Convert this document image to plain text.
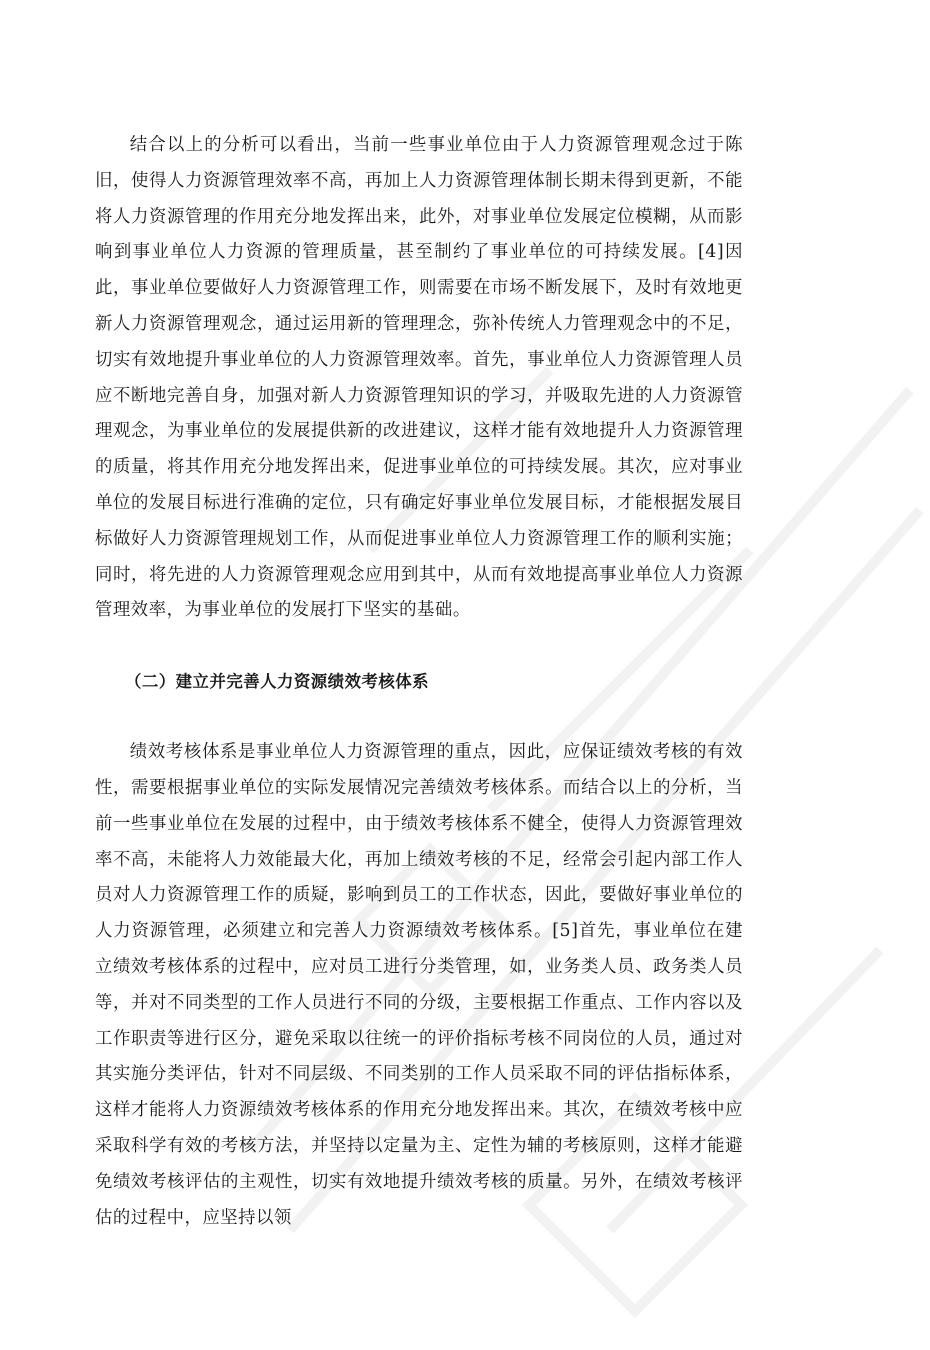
结合以上的分析可以看出，当前一些事业单位由于人力资源管理观念过于陈旧，使得人力资源管理效率不高，再加上人力资源管理体制长期未得到更新，不能将人力资源管理的作用充分地发挥出来，此外，对事业单位发展定位模糊，从而影响到事业单位人力资源的管理质量，甚至制约了事业单位的可持续发展。[4]因此，事业单位要做好人力资源管理工作，则需要在市场不断发展下，及时有效地更新人力资源管理观念，通过运用新的管理理念，弥补传统人力管理观念中的不足，切实有效地提升事业单位的人力资源管理效率。首先，事业单位人力资源管理人员应不断地完善自身，加强对新人力资源管理知识的学习，并吸取先进的人力资源管理观念，为事业单位的发展提供新的改进建议，这样才能有效地提升人力资源管理的质量，将其作用充分地发挥出来，促进事业单位的可持续发展。其次，应对事业单位的发展目标进行准确的定位，只有确定好事业单位发展目标，才能根据发展目标做好人力资源管理规划工作，从而促进事业单位人力资源管理工作的顺利实施；同时，将先进的人力资源管理观念应用到其中，从而有效地提高事业单位人力资源管理效率，为事业单位的发展打下坚实的基础。

（二）建立并完善人力资源绩效考核体系

绩效考核体系是事业单位人力资源管理的重点，因此，应保证绩效考核的有效性，需要根据事业单位的实际发展情况完善绩效考核体系。而结合以上的分析，当前一些事业单位在发展的过程中，由于绩效考核体系不健全，使得人力资源管理效率不高，未能将人力效能最大化，再加上绩效考核的不足，经常会引起内部工作人员对人力资源管理工作的质疑，影响到员工的工作状态，因此，要做好事业单位的人力资源管理，必须建立和完善人力资源绩效考核体系。[5]首先，事业单位在建立绩效考核体系的过程中，应对员工进行分类管理，如，业务类人员、政务类人员等，并对不同类型的工作人员进行不同的分级，主要根据工作重点、工作内容以及工作职责等进行区分，避免采取以往统一的评价指标考核不同岗位的人员，通过对其实施分类评估，针对不同层级、不同类别的工作人员采取不同的评估指标体系，这样才能将人力资源绩效考核体系的作用充分地发挥出来。其次，在绩效考核中应采取科学有效的考核方法，并坚持以定量为主、定性为辅的考核原则，这样才能避免绩效考核评估的主观性，切实有效地提升绩效考核的质量。另外，在绩效考核评估的过程中，应坚持以领
